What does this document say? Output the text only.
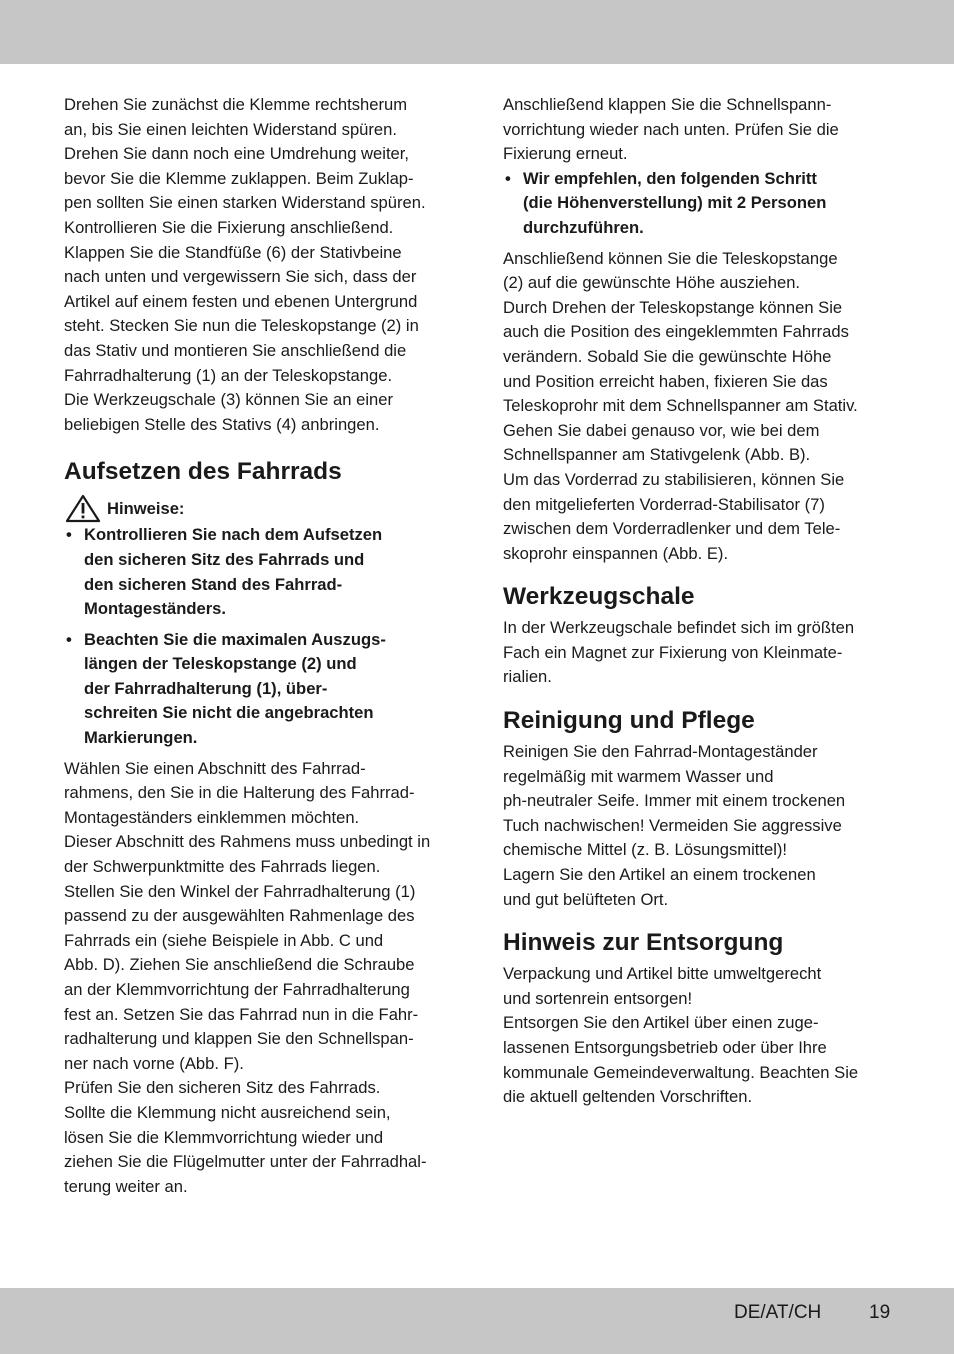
Drehen Sie zunächst die Klemme rechtsherum
an, bis Sie einen leichten Widerstand spüren.
Drehen Sie dann noch eine Umdrehung weiter,
bevor Sie die Klemme zuklappen. Beim Zuklap-
pen sollten Sie einen starken Widerstand spüren.
Kontrollieren Sie die Fixierung anschließend.
Klappen Sie die Standfüße (6) der Stativbeine
nach unten und vergewissern Sie sich, dass der
Artikel auf einem festen und ebenen Untergrund
steht. Stecken Sie nun die Teleskopstange (2) in
das Stativ und montieren Sie anschließend die
Fahrradhalterung (1) an der Teleskopstange.
Die Werkzeugschale (3) können Sie an einer
beliebigen Stelle des Stativs (4) anbringen.

Aufsetzen des Fahrrads
Hinweise:
• Kontrollieren Sie nach dem Aufsetzen
den sicheren Sitz des Fahrrads und
den sicheren Stand des Fahrrad-
Montageständers.
• Beachten Sie die maximalen Auszugs-
längen der Teleskopstange (2) und
der Fahrradhalterung (1), über-
schreiten Sie nicht die angebrachten
Markierungen.

Wählen Sie einen Abschnitt des Fahrrad-
rahmens, den Sie in die Halterung des Fahrrad-
Montageständers einklemmen möchten.
Dieser Abschnitt des Rahmens muss unbedingt in
der Schwerpunktmitte des Fahrrads liegen.
Stellen Sie den Winkel der Fahrradhalterung (1)
passend zu der ausgewählten Rahmenlage des
Fahrrads ein (siehe Beispiele in Abb. C und
Abb. D). Ziehen Sie anschließend die Schraube
an der Klemmvorrichtung der Fahrradhalterung
fest an. Setzen Sie das Fahrrad nun in die Fahr-
radhalterung und klappen Sie den Schnellspan-
ner nach vorne (Abb. F).
Prüfen Sie den sicheren Sitz des Fahrrads.
Sollte die Klemmung nicht ausreichend sein,
lösen Sie die Klemmvorrichtung wieder und
ziehen Sie die Flügelmutter unter der Fahrradhal-
terung weiter an.

Anschließend klappen Sie die Schnellspann-
vorrichtung wieder nach unten. Prüfen Sie die
Fixierung erneut.

• Wir empfehlen, den folgenden Schritt
(die Höhenverstellung) mit 2 Personen
durchzuführen.

Anschließend können Sie die Teleskopstange
(2) auf die gewünschte Höhe ausziehen.
Durch Drehen der Teleskopstange können Sie
auch die Position des eingeklemmten Fahrrads
verändern. Sobald Sie die gewünschte Höhe
und Position erreicht haben, fixieren Sie das
Teleskoprohr mit dem Schnellspanner am Stativ.
Gehen Sie dabei genauso vor, wie bei dem
Schnellspanner am Stativgelenk (Abb. B).
Um das Vorderrad zu stabilisieren, können Sie
den mitgelieferten Vorderrad-Stabilisator (7)
zwischen dem Vorderradlenker und dem Tele-
skoprohr einspannen (Abb. E).

Werkzeugschale

In der Werkzeugschale befindet sich im größten
Fach ein Magnet zur Fixierung von Kleinmate-
rialien.

Reinigung und Pflege

Reinigen Sie den Fahrrad-Montageständer
regelmäßig mit warmem Wasser und
ph-neutraler Seife. Immer mit einem trockenen
Tuch nachwischen! Vermeiden Sie aggressive
chemische Mittel (z. B. Lösungsmittel)!
Lagern Sie den Artikel an einem trockenen
und gut belüfteten Ort.

Hinweis zur Entsorgung

Verpackung und Artikel bitte umweltgerecht
und sortenrein entsorgen!
Entsorgen Sie den Artikel über einen zuge-
lassenen Entsorgungsbetrieb oder über Ihre
kommunale Gemeindeverwaltung. Beachten Sie
die aktuell geltenden Vorschriften.

DE/AT/CH	19
